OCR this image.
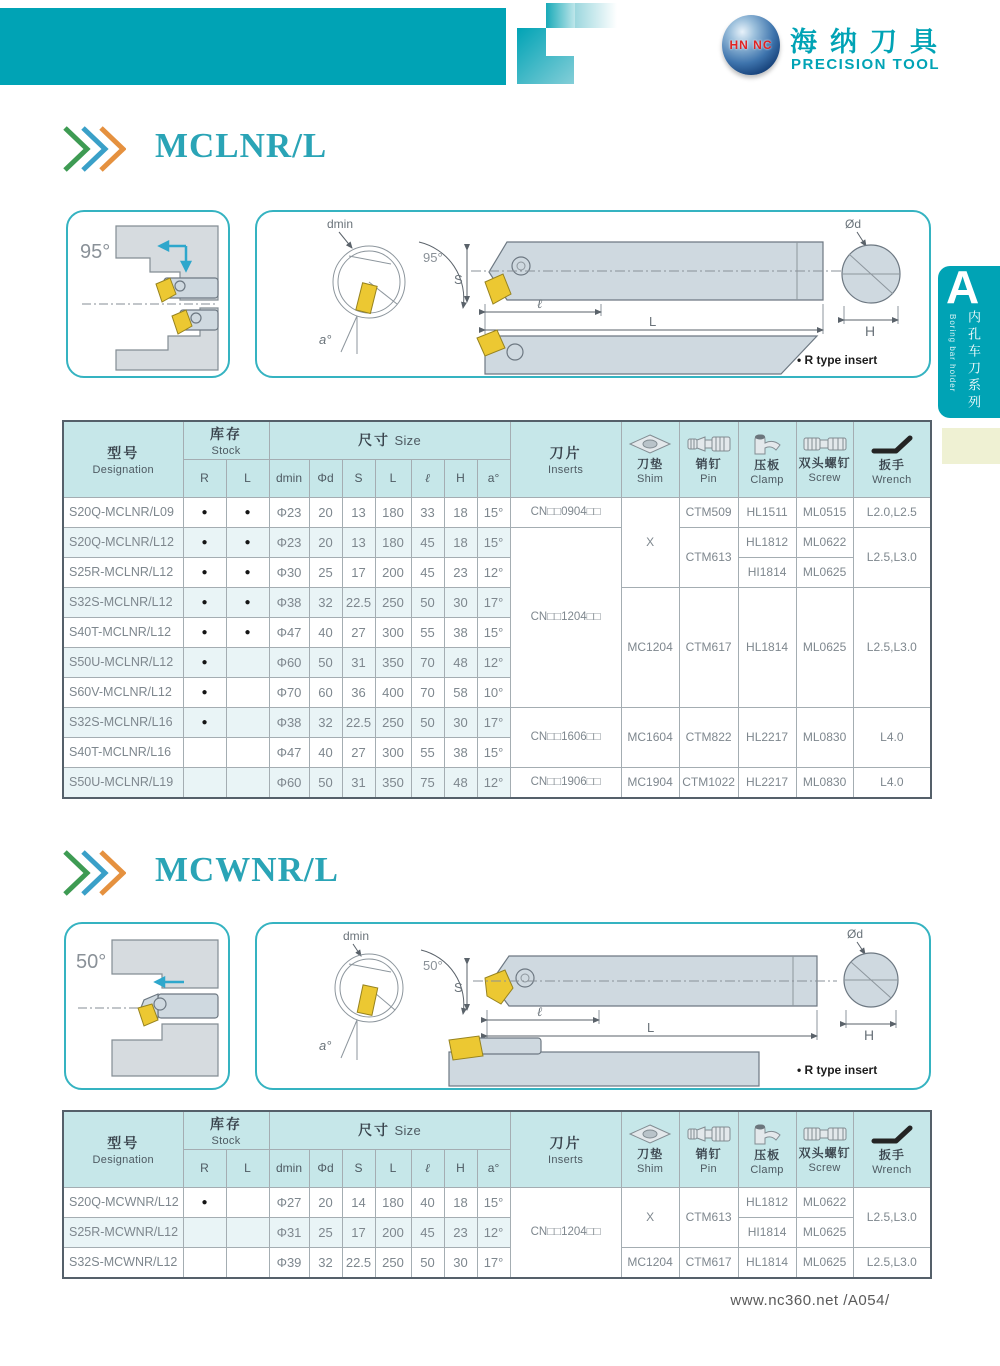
HN NC 海纳刀具
PRECISION TOOL
A
内孔车刀系列
Boring bar holder
MCLNR/L
95°
dmin
a°
95°
S
ℓ
L
Ød
H
• R type insert
型号
Designation	库存
Stock		尺寸 Size							刀片
Inserts	刀垫
Shim	销钉
Pin	压板
Clamp	双头螺钉
Screw	扳手
Wrench

	R	L	dmin	Φd	S	L	ℓ	H	a°						
S20Q-MCLNR/L09	●	●	Φ23	20	13	180	33	18	15°	CN□□0904□□	X	CTM509	HL1511	ML0515	L2.0,L2.5
S20Q-MCLNR/L12	●	●	Φ23	20	13	180	45	18	15°	CN□□1204□□		CTM613	HL1812	ML0622	L2.5,L3.0
S25R-MCLNR/L12	●	●	Φ30	25	17	200	45	23	12°				HI1814	ML0625	
S32S-MCLNR/L12	●	●	Φ38	32	22.5	250	50	30	17°		MC1204	CTM617	HL1814	ML0625	L2.5,L3.0
S40T-MCLNR/L12	●	●	Φ47	40	27	300	55	38	15°						
S50U-MCLNR/L12	●		Φ60	50	31	350	70	48	12°						
S60V-MCLNR/L12	●		Φ70	60	36	400	70	58	10°						
S32S-MCLNR/L16	●		Φ38	32	22.5	250	50	30	17°	CN□□1606□□	MC1604	CTM822	HL2217	ML0830	L4.0
S40T-MCLNR/L16			Φ47	40	27	300	55	38	15°						
S50U-MCLNR/L19			Φ60	50	31	350	75	48	12°	CN□□1906□□	MC1904	CTM1022	HL2217	ML0830	L4.0
MCWNR/L
50°
dmin
a°
50°
S
ℓ
L
Ød
H
• R type insert
型号
Designation	库存
Stock		尺寸 Size							刀片
Inserts	刀垫
Shim	销钉
Pin	压板
Clamp	双头螺钉
Screw	扳手
Wrench

	R	L	dmin	Φd	S	L	ℓ	H	a°						
S20Q-MCWNR/L12	●		Φ27	20	14	180	40	18	15°	CN□□1204□□	X	CTM613	HL1812	ML0622	L2.5,L3.0
S25R-MCWNR/L12			Φ31	25	17	200	45	23	12°				HI1814	ML0625	
S32S-MCWNR/L12			Φ39	32	22.5	250	50	30	17°		MC1204	CTM617	HL1814	ML0625	L2.5,L3.0
www.nc360.net /A054/
